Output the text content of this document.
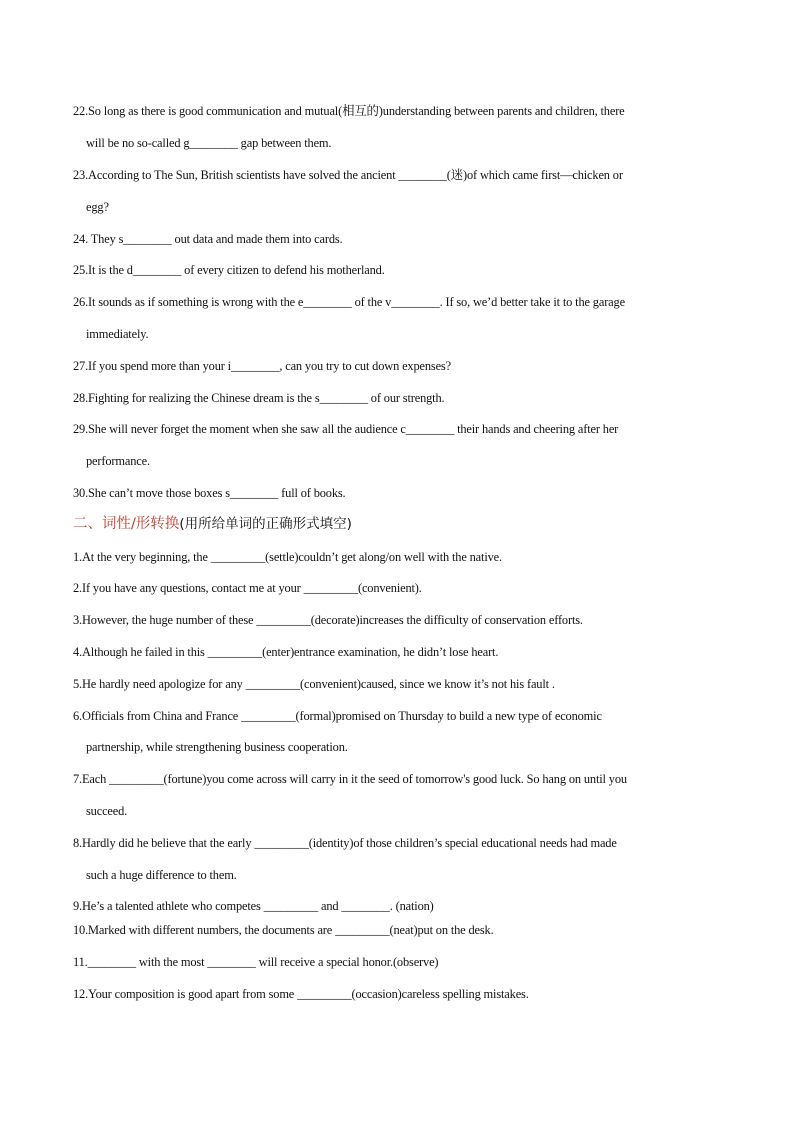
22.So long as there is good communication and mutual(相互的)understanding between parents and children, there
will be no so-called g________ gap between them.
23.According to The Sun, British scientists have solved the ancient ________(迷)of which came first—chicken or
egg?
24. They s________ out data and made them into cards.
25.It is the d________ of every citizen to defend his motherland.
26.It sounds as if something is wrong with the e________ of the v________. If so, we’d better take it to the garage
immediately.
27.If you spend more than your i________, can you try to cut down expenses?
28.Fighting for realizing the Chinese dream is the s________ of our strength.
29.She will never forget the moment when she saw all the audience c________ their hands and cheering after her
performance.
30.She can’t move those boxes s________ full of books.
二、词性/形转换(用所给单词的正确形式填空)
1.At the very beginning, the _________(settle)couldn’t get along/on well with the native.
2.If you have any questions, contact me at your _________(convenient).
3.However, the huge number of these _________(decorate)increases the difficulty of conservation efforts.
4.Although he failed in this _________(enter)entrance examination, he didn’t lose heart.
5.He hardly need apologize for any _________(convenient)caused, since we know it’s not his fault .
6.Officials from China and France _________(formal)promised on Thursday to build a new type of economic
partnership, while strengthening business cooperation.
7.Each _________(fortune)you come across will carry in it the seed of tomorrow's good luck. So hang on until you
succeed.
8.Hardly did he believe that the early _________(identity)of those children’s special educational needs had made
such a huge difference to them.
9.He’s a talented athlete who competes _________ and ________. (nation)
10.Marked with different numbers, the documents are _________(neat)put on the desk.
11.________ with the most ________ will receive a special honor.(observe)
12.Your composition is good apart from some _________(occasion)careless spelling mistakes.
